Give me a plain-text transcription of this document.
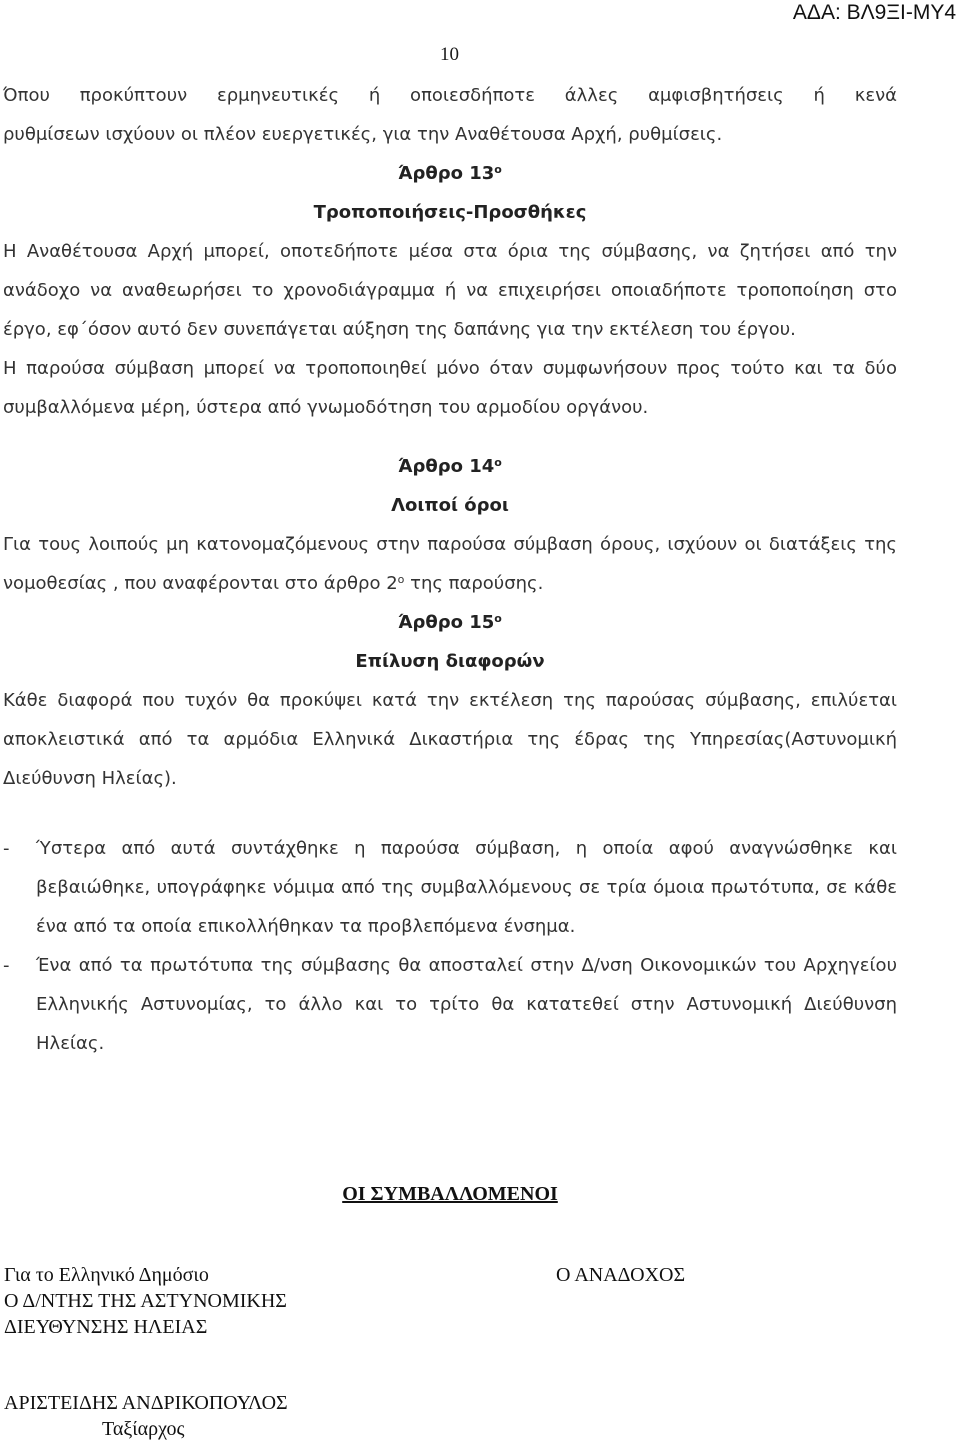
ΑΔΑ: ΒΛ9ΞΙ-ΜΥ4
10

Όπου προκύπτουν ερμηνευτικές ή οποιεσδήποτε άλλες αμφισβητήσεις ή κενά

ρυθμίσεων ισχύουν οι πλέον ευεργετικές, για την Αναθέτουσα Αρχή, ρυθμίσεις.

Άρθρο $13^o$

Τροποποιήσεις-Προσθήκες

Η Αναθέτουσα Αρχή μπορεί, οποτεδήποτε μέσα στα όρια της σύμβασης, να ζητήσει από την ανάδοχο να αναθεωρήσει το χρονοδιάγραμμα ή να επιχειρήσει οποιαδήποτε τροποποίηση στο έργο, εφ΄όσον αυτό δεν συνεπάγεται αύξηση της δαπάνης για την εκτέλεση του έργου.

Η παρούσα σύμβαση μπορεί να τροποποιηθεί μόνο όταν συμφωνήσουν προς τούτο και τα δύο συμβαλλόμενα μέρη, ύστερα από γνωμοδότηση του αρμοδίου οργάνου.

Άρθρο $14^o$

Λοιποί όροι

Για τους λοιπούς μη κατονομαζόμενους στην παρούσα σύμβαση όρους, ισχύουν οι διατάξεις της νομοθεσίας , που αναφέρονται στο άρθρο $2^o$ της παρούσης.

Άρθρο $15^o$

Επίλυση διαφορών

Κάθε διαφορά που τυχόν θα προκύψει κατά την εκτέλεση της παρούσας σύμβασης, επιλύεται αποκλειστικά από τα αρμόδια Ελληνικά Δικαστήρια της έδρας της Υπηρεσίας(Αστυνομική Διεύθυνση Ηλείας).

- Ύστερα από αυτά συντάχθηκε η παρούσα σύμβαση, η οποία αφού αναγνώσθηκε και βεβαιώθηκε, υπογράφηκε νόμιμα από της συμβαλλόμενους σε τρία όμοια πρωτότυπα, σε κάθε ένα από τα οποία επικολλήθηκαν τα προβλεπόμενα ένσημα.

- Ένα από τα πρωτότυπα της σύμβασης θα αποσταλεί στην Δ/νση Οικονομικών του Αρχηγείου Ελληνικής Αστυνομίας, το άλλο και το τρίτο θα κατατεθεί στην Αστυνομική Διεύθυνση Ηλείας.

ΟΙ ΣΥΜΒΑΛΛΟΜΕΝΟΙ
Για το Ελληνικό Δημόσιο
Ο Δ/ΝΤΗΣ ΤΗΣ ΑΣΤΥΝΟΜΙΚΗΣ
ΔΙΕΥΘΥΝΣΗΣ ΗΛΕΙΑΣ
Ο ΑΝΑΔΟΧΟΣ
ΑΡΙΣΤΕΙΔΗΣ ΑΝΔΡΙΚΟΠΟΥΛΟΣ
Ταξίαρχος
